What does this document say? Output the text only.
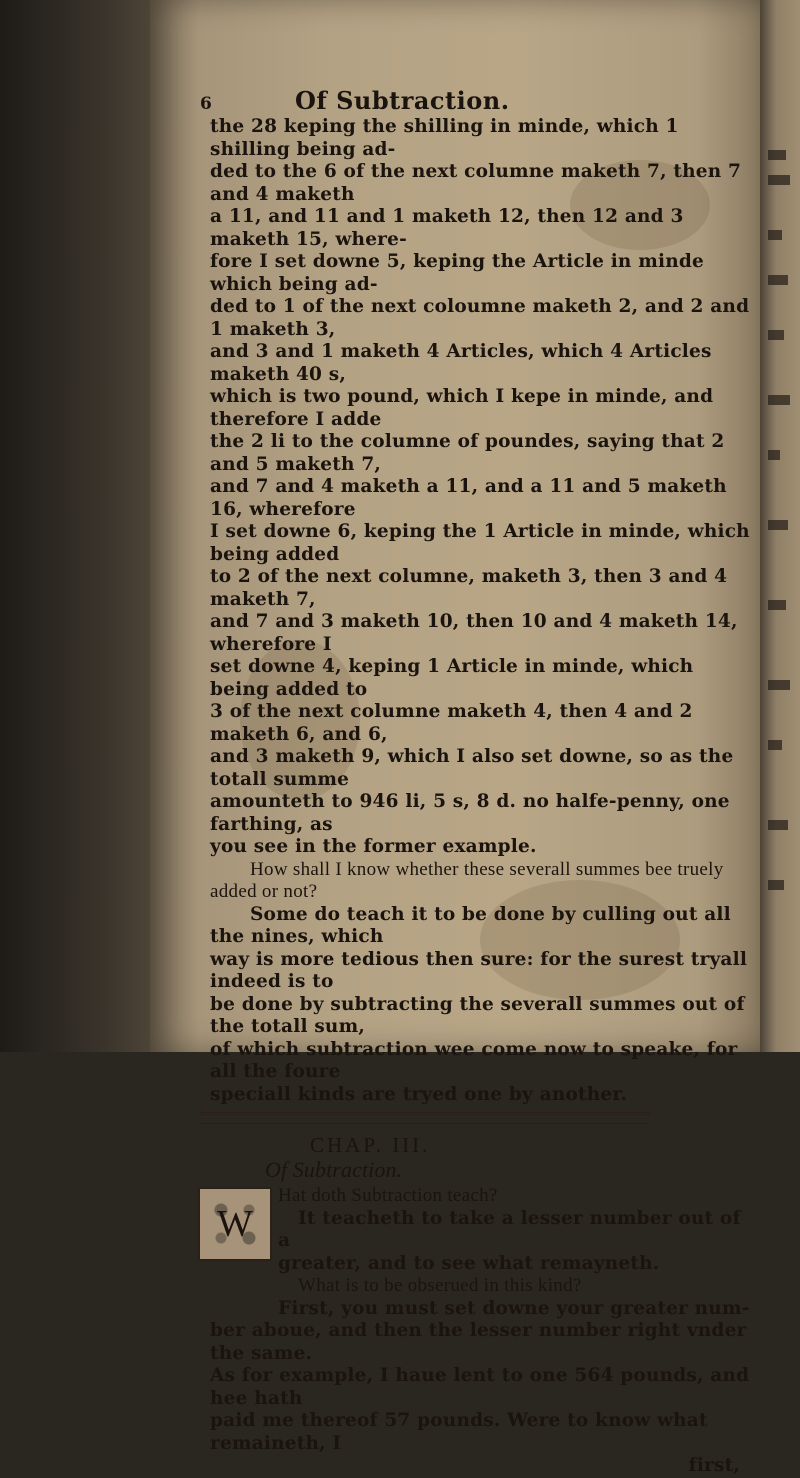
6	Of Subtraction.

the 28 keping the shilling in minde, which 1 shilling being ad-

ded to the 6 of the next columne maketh 7, then 7 and 4 maketh

a 11, and 11 and 1 maketh 12, then 12 and 3 maketh 15, where-

fore I set downe 5, keping the Article in minde which being ad-

ded to 1 of the next coloumne maketh 2, and 2 and 1 maketh 3,

and 3 and 1 maketh 4 Articles, which 4 Articles maketh 40 s,

which is two pound, which I kepe in minde, and therefore I adde

the 2 li to the columne of poundes, saying that 2 and 5 maketh 7,

and 7 and 4 maketh a 11, and a 11 and 5 maketh 16, wherefore

I set downe 6, keping the 1 Article in minde, which being added

to 2 of the next columne, maketh 3, then 3 and 4 maketh 7,

and 7 and 3 maketh 10, then 10 and 4 maketh 14, wherefore I

set downe 4, keping 1 Article in minde, which being added to

3 of the next columne maketh 4, then 4 and 2 maketh 6, and 6,

and 3 maketh 9, which I also set downe, so as the totall summe

amounteth to 946 li, 5 s, 8 d. no halfe-penny, one farthing, as

you see in the former example.

How shall I know whether these severall summes bee truely added or not?

Some do teach it to be done by culling out all the nines, which

way is more tedious then sure: for the surest tryall indeed is to

be done by subtracting the severall summes out of the totall sum,

of which subtraction wee come now to speake, for all the foure

speciall kinds are tryed one by another.

CHAP. III.
Of Subtraction.
W

Hat doth Subtraction teach?

It teacheth to take a lesser number out of a

greater, and to see what remayneth.

What is to be obserued in this kind?

First, you must set downe your greater num-

ber aboue, and then the lesser number right vnder the same.

As for example, I haue lent to one 564 pounds, and hee hath

paid me thereof 57 pounds. Were to know what remaineth, I

first,
